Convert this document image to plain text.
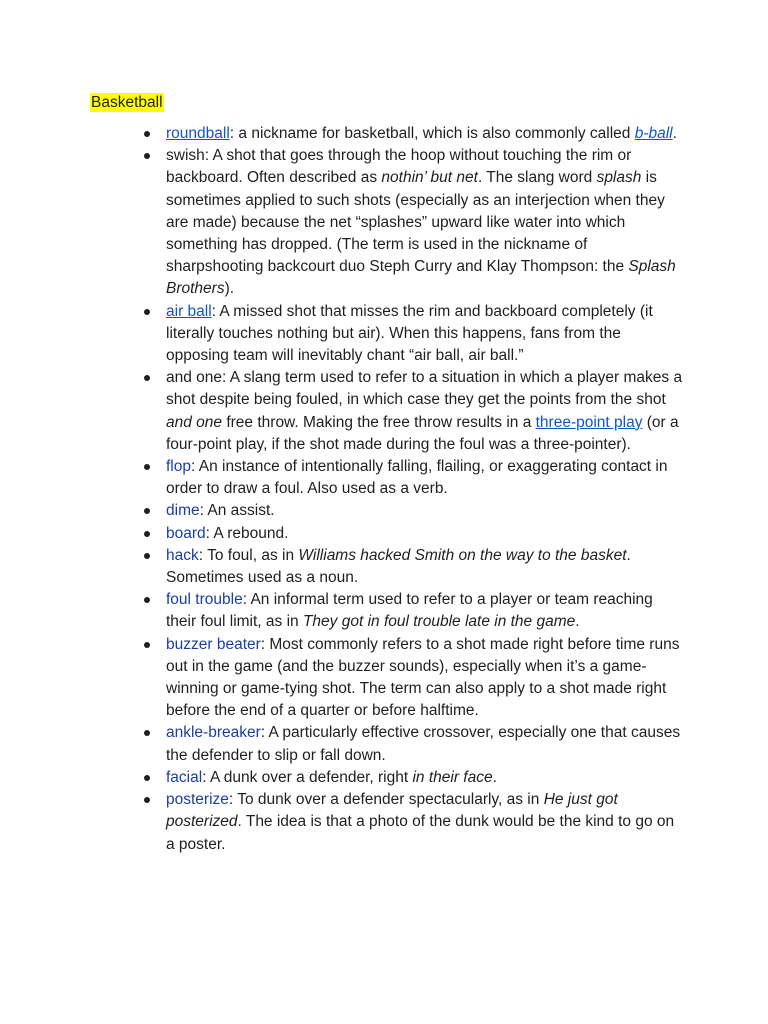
Basketball
roundball: a nickname for basketball, which is also commonly called b-ball.
swish: A shot that goes through the hoop without touching the rim or backboard. Often described as nothin’ but net. The slang word splash is sometimes applied to such shots (especially as an interjection when they are made) because the net “splashes” upward like water into which something has dropped. (The term is used in the nickname of sharpshooting backcourt duo Steph Curry and Klay Thompson: the Splash Brothers).
air ball: A missed shot that misses the rim and backboard completely (it literally touches nothing but air). When this happens, fans from the opposing team will inevitably chant “air ball, air ball.”
and one: A slang term used to refer to a situation in which a player makes a shot despite being fouled, in which case they get the points from the shot and one free throw. Making the free throw results in a three-point play (or a four-point play, if the shot made during the foul was a three-pointer).
flop: An instance of intentionally falling, flailing, or exaggerating contact in order to draw a foul. Also used as a verb.
dime: An assist.
board: A rebound.
hack: To foul, as in Williams hacked Smith on the way to the basket. Sometimes used as a noun.
foul trouble: An informal term used to refer to a player or team reaching their foul limit, as in They got in foul trouble late in the game.
buzzer beater: Most commonly refers to a shot made right before time runs out in the game (and the buzzer sounds), especially when it’s a game-winning or game-tying shot. The term can also apply to a shot made right before the end of a quarter or before halftime.
ankle-breaker: A particularly effective crossover, especially one that causes the defender to slip or fall down.
facial: A dunk over a defender, right in their face.
posterize: To dunk over a defender spectacularly, as in He just got posterized. The idea is that a photo of the dunk would be the kind to go on a poster.
